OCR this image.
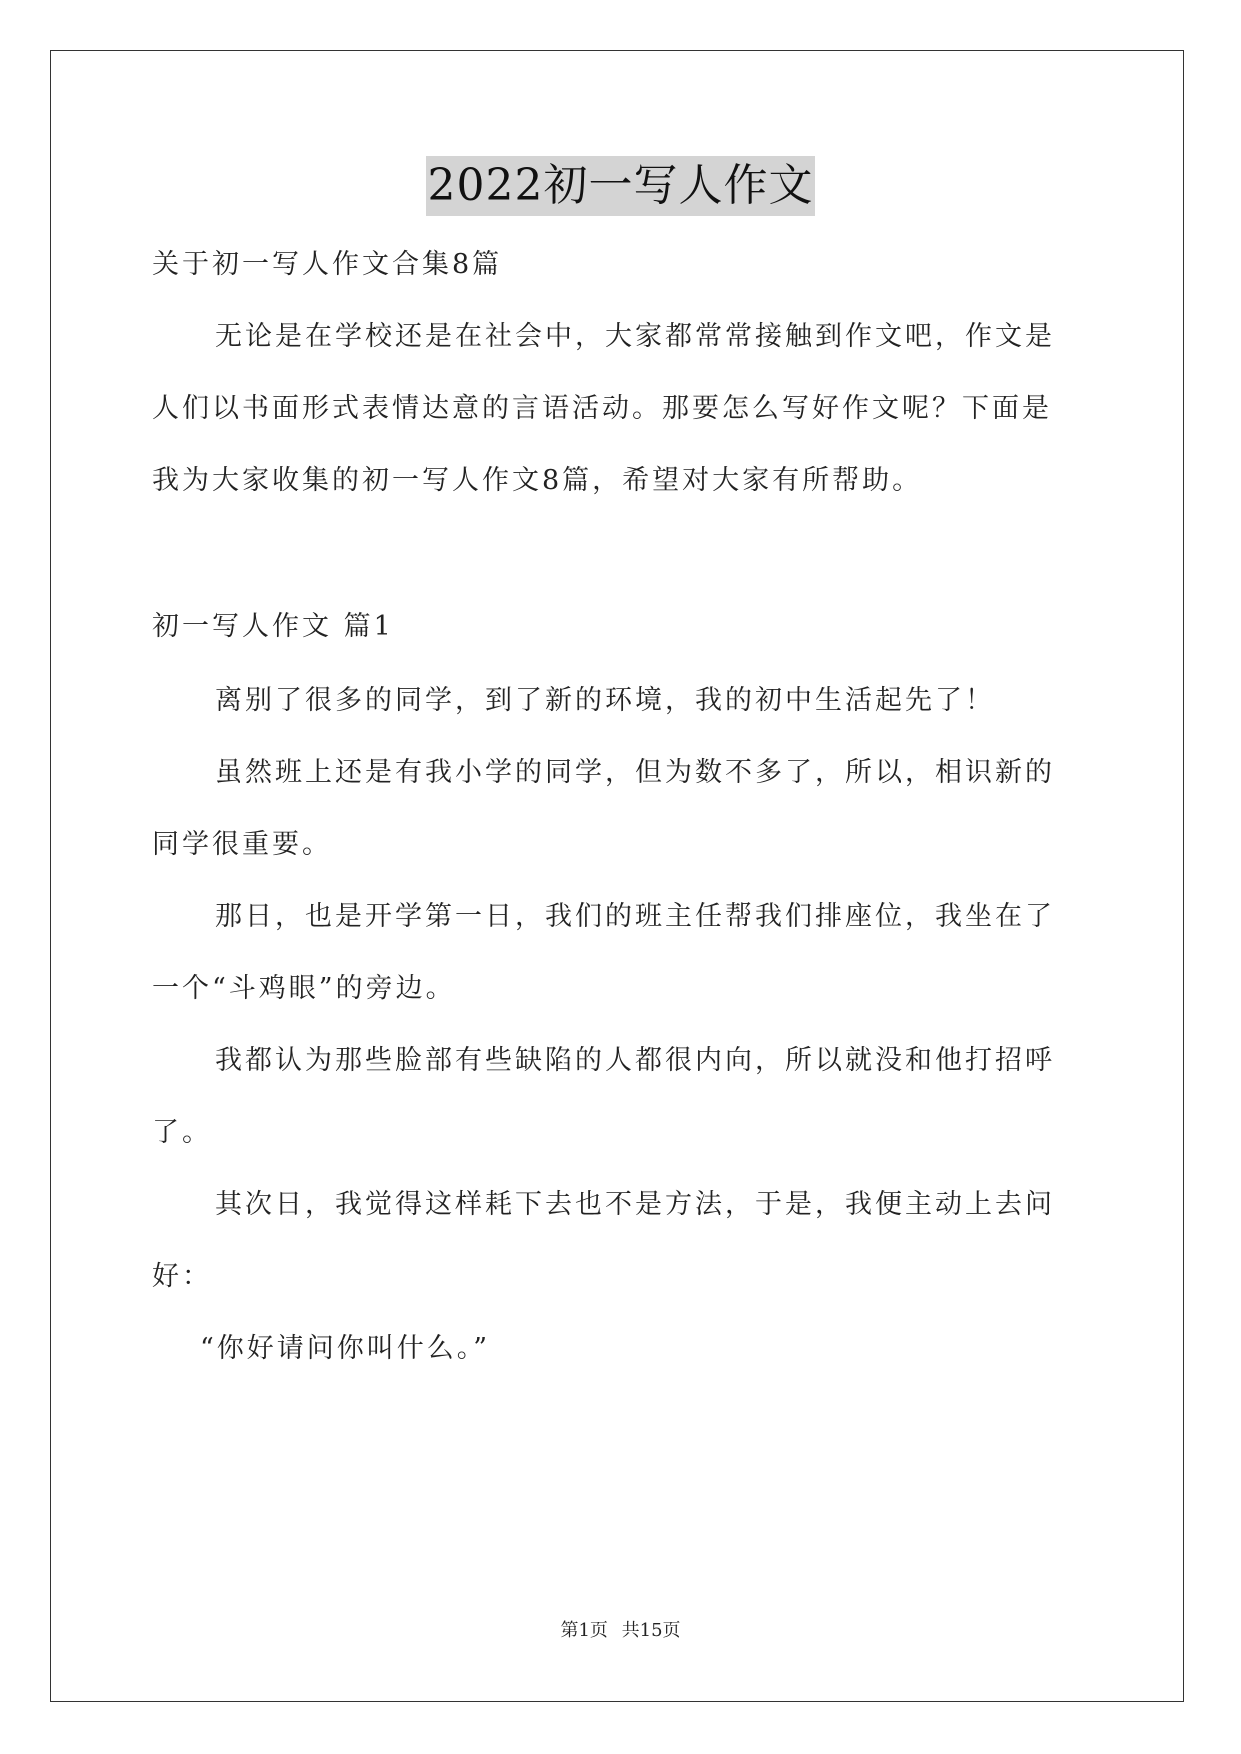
2022初一写人作文
关于初一写人作文合集8篇
无论是在学校还是在社会中，大家都常常接触到作文吧，作文是
人们以书面形式表情达意的言语活动。那要怎么写好作文呢？下面是
我为大家收集的初一写人作文8篇，希望对大家有所帮助。
初一写人作文 篇1
离别了很多的同学，到了新的环境，我的初中生活起先了！
虽然班上还是有我小学的同学，但为数不多了，所以，相识新的
同学很重要。
那日，也是开学第一日，我们的班主任帮我们排座位，我坐在了
一个“斗鸡眼”的旁边。
我都认为那些脸部有些缺陷的人都很内向，所以就没和他打招呼
了。
其次日，我觉得这样耗下去也不是方法，于是，我便主动上去问
好：
“你好请问你叫什么。”
第1页 共15页
